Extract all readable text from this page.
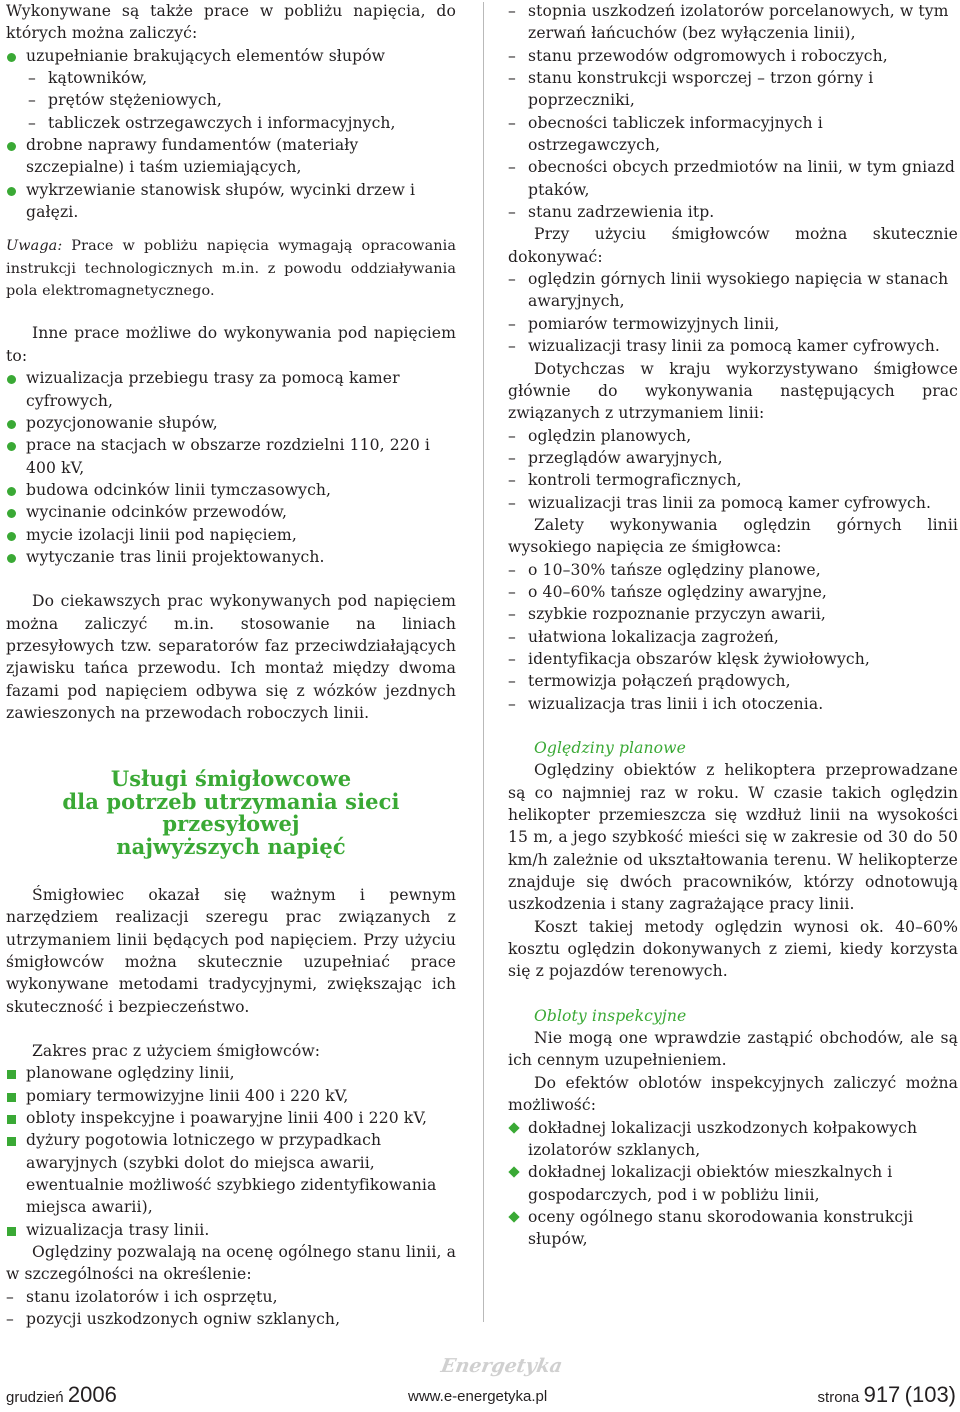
Wykonywane są także prace w pobliżu napięcia, do których można zaliczyć:

uzupełnianie brakujących elementów słupów
– kątowników,
– prętów stężeniowych,
– tabliczek ostrzegawczych i informacyjnych,
drobne naprawy fundamentów (materiały szczepialne) i taśm uziemiających,
wykrzewianie stanowisk słupów, wycinki drzew i gałęzi.

Uwaga: Prace w pobliżu napięcia wymagają opracowania instrukcji technologicznych m.in. z powodu oddziaływania pola elektromagnetycznego.

Inne prace możliwe do wykonywania pod napięciem to:

wizualizacja przebiegu trasy za pomocą kamer cyfrowych,
pozycjonowanie słupów,
prace na stacjach w obszarze rozdzielni 110, 220 i 400 kV,
budowa odcinków linii tymczasowych,
wycinanie odcinków przewodów,
mycie izolacji linii pod napięciem,
wytyczanie tras linii projektowanych.

Do ciekawszych prac wykonywanych pod napięciem można zaliczyć m.in. stosowanie na liniach przesyłowych tzw. separatorów faz przeciwdziałających zjawisku tańca przewodu. Ich montaż między dwoma fazami pod napięciem odbywa się z wózków jezdnych zawieszonych na przewodach roboczych linii.

Usługi śmigłowcowe
dla potrzeb utrzymania sieci przesyłowej
najwyższych napięć

Śmigłowiec okazał się ważnym i pewnym narzędziem realizacji szeregu prac związanych z utrzymaniem linii będących pod napięciem. Przy użyciu śmigłowców można skutecznie uzupełniać prace wykonywane metodami tradycyjnymi, zwiększając ich skuteczność i bezpieczeństwo.

Zakres prac z użyciem śmigłowców:

planowane oględziny linii,
pomiary termowizyjne linii 400 i 220 kV,
obloty inspekcyjne i poawaryjne linii 400 i 220 kV,
dyżury pogotowia lotniczego w przypadkach awaryjnych (szybki dolot do miejsca awarii, ewentualnie możliwość szybkiego zidentyfikowania miejsca awarii),
wizualizacja trasy linii.

Oględziny pozwalają na ocenę ogólnego stanu linii, a w szczególności na określenie:

– stanu izolatorów i ich osprzętu,
– pozycji uszkodzonych ogniw szklanych,
– stopnia uszkodzeń izolatorów porcelanowych, w tym zerwań łańcuchów (bez wyłączenia linii),
– stanu przewodów odgromowych i roboczych,
– stanu konstrukcji wsporczej – trzon górny i poprzeczniki,
– obecności tabliczek informacyjnych i ostrzegawczych,
– obecności obcych przedmiotów na linii, w tym gniazd ptaków,
– stanu zadrzewienia itp.

Przy użyciu śmigłowców można skutecznie dokonywać:

– oględzin górnych linii wysokiego napięcia w stanach awaryjnych,
– pomiarów termowizyjnych linii,
– wizualizacji trasy linii za pomocą kamer cyfrowych.

Dotychczas w kraju wykorzystywano śmigłowce głównie do wykonywania następujących prac związanych z utrzymaniem linii:

– oględzin planowych,
– przeglądów awaryjnych,
– kontroli termograficznych,
– wizualizacji tras linii za pomocą kamer cyfrowych.

Zalety wykonywania oględzin górnych linii wysokiego napięcia ze śmigłowca:

– o 10–30% tańsze oględziny planowe,
– o 40–60% tańsze oględziny awaryjne,
– szybkie rozpoznanie przyczyn awarii,
– ułatwiona lokalizacja zagrożeń,
– identyfikacja obszarów klęsk żywiołowych,
– termowizja połączeń prądowych,
– wizualizacja tras linii i ich otoczenia.

Oględziny planowe

Oględziny obiektów z helikoptera przeprowadzane są co najmniej raz w roku. W czasie takich oględzin helikopter przemieszcza się wzdłuż linii na wysokości 15 m, a jego szybkość mieści się w zakresie od 30 do 50 km/h zależnie od ukształtowania terenu. W helikopterze znajduje się dwóch pracowników, którzy odnotowują uszkodzenia i stany zagrażające pracy linii.

Koszt takiej metody oględzin wynosi ok. 40–60% kosztu oględzin dokonywanych z ziemi, kiedy korzysta się z pojazdów terenowych.

Obloty inspekcyjne

Nie mogą one wprawdzie zastąpić obchodów, ale są ich cennym uzupełnieniem.

Do efektów oblotów inspekcyjnych zaliczyć można możliwość:

dokładnej lokalizacji uszkodzonych kołpakowych izolatorów szklanych,
dokładnej lokalizacji obiektów mieszkalnych i gospodarczych, pod i w pobliżu linii,
oceny ogólnego stanu skorodowania konstrukcji słupów,
Energetyka
grudzień 2006	www.e-energetyka.pl	strona 917 (103)
